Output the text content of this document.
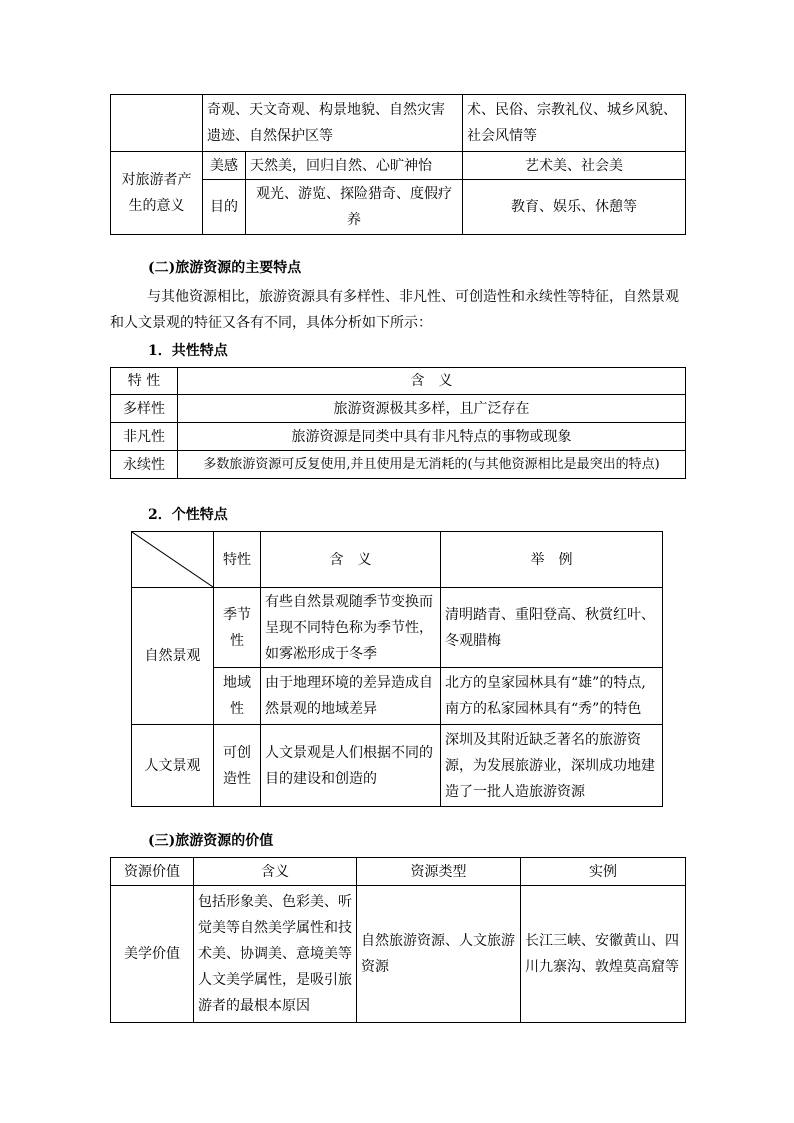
	奇观、天文奇观、构景地貌、自然灾害遗迹、自然保护区等		术、民俗、宗教礼仪、城乡风貌、社会风情等
对旅游者产生的意义	美感	天然美，回归自然、心旷神怡	艺术美、社会美
	目的	观光、游览、探险猎奇、度假疗养	教育、娱乐、休憩等

(二)旅游资源的主要特点

与其他资源相比，旅游资源具有多样性、非凡性、可创造性和永续性等特征，自然景观和人文景观的特征又各有不同，具体分析如下所示：

1．共性特点

特 性	含　义
多样性	旅游资源极其多样，且广泛存在
非凡性	旅游资源是同类中具有非凡特点的事物或现象
永续性	多数旅游资源可反复使用,并且使用是无消耗的(与其他资源相比是最突出的特点)

2．个性特点

	特性	含　义	举　例
自然景观	季节性	有些自然景观随季节变换而呈现不同特色称为季节性，如雾凇形成于冬季	清明踏青、重阳登高、秋赏红叶、冬观腊梅
	地域性	由于地理环境的差异造成自然景观的地域差异	北方的皇家园林具有“雄”的特点,南方的私家园林具有“秀”的特色
人文景观	可创造性	人文景观是人们根据不同的目的建设和创造的	深圳及其附近缺乏著名的旅游资源，为发展旅游业，深圳成功地建造了一批人造旅游资源

(三)旅游资源的价值

资源价值	含义	资源类型	实例
美学价值	包括形象美、色彩美、听觉美等自然美学属性和技术美、协调美、意境美等人文美学属性，是吸引旅游者的最根本原因	自然旅游资源、人文旅游资源	长江三峡、安徽黄山、四川九寨沟、敦煌莫高窟等
